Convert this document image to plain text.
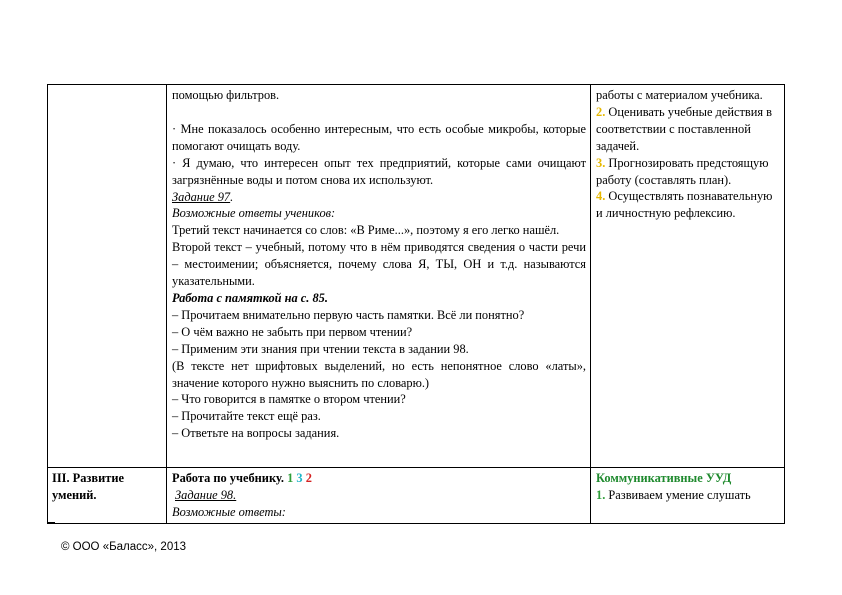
помощью фильтров.

· Мне показалось особенно интересным, что есть особые микробы, которые помогают очищать воду.

· Я думаю, что интересен опыт тех предприятий, которые сами очищают загрязнённые воды и потом снова их используют.

Задание 97.

Возможные ответы учеников:

Третий текст начинается со слов: «В Риме...», поэтому я его легко нашёл.

Второй текст – учебный, потому что в нём приводятся сведения о части речи – местоимении; объясняется, почему слова Я, ТЫ, ОН и т.д. называются указательными.

Работа с памяткой на с. 85.

– Прочитаем внимательно первую часть памятки. Всё ли понятно?

– О чём важно не забыть при первом чтении?

– Применим эти знания при чтении текста в задании 98.

(В тексте нет шрифтовых выделений, но есть непонятное слово «латы», значение которого нужно выяснить по словарю.)

– Что говорится в памятке о втором чтении?

– Прочитайте текст ещё раз.

– Ответьте на вопросы задания.

работы с материалом учебника.

2. Оценивать учебные действия в соответствии с поставленной задачей.

3. Прогнозировать предстоящую работу (составлять план).

4. Осуществлять познавательную и личностную рефлексию.

III. Развитие умений.

Работа по учебнику. 1 3 2

Задание 98.

Возможные ответы:

Коммуникативные УУД

1. Развиваем умение слушать

© ООО «Баласс», 2013
